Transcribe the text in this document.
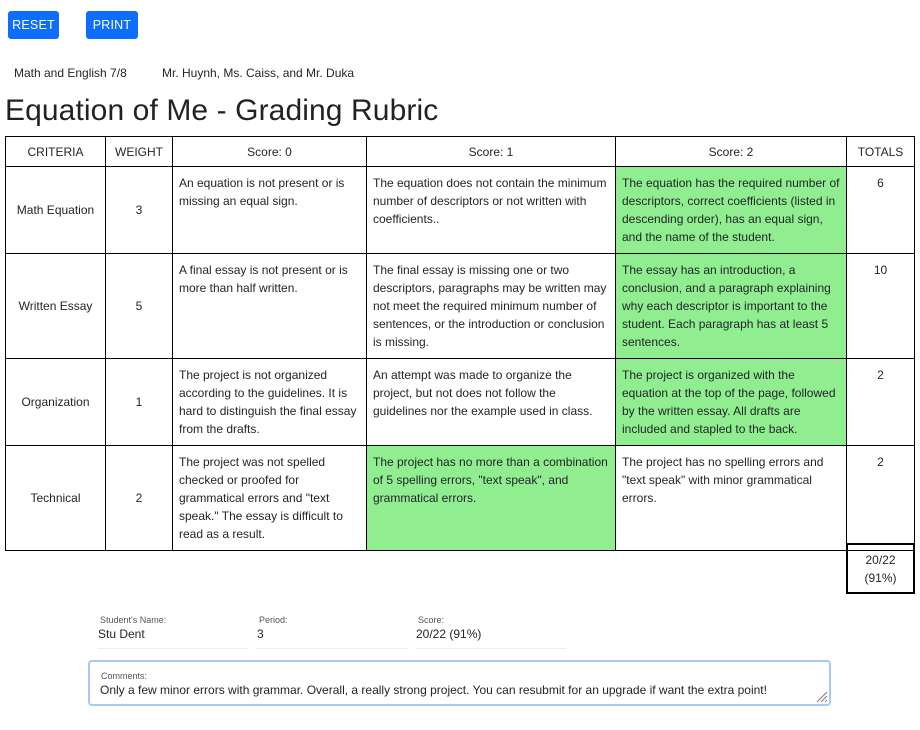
RESET	PRINT
Math and English 7/8	Mr. Huynh, Ms. Caiss, and Mr. Duka
Equation of Me - Grading Rubric
CRITERIA	WEIGHT	Score: 0	Score: 1	Score: 2	TOTALS
Math Equation	3	An equation is not present or is missing an equal sign.	The equation does not contain the minimum number of descriptors or not written with coefficients..	The equation has the required number of descriptors, correct coefficients (listed in descending order), has an equal sign, and the name of the student.	6
Written Essay	5	A final essay is not present or is more than half written.	The final essay is missing one or two descriptors, paragraphs may be written may not meet the required minimum number of sentences, or the introduction or conclusion is missing.	The essay has an introduction, a conclusion, and a paragraph explaining why each descriptor is important to the student. Each paragraph has at least 5 sentences.	10
Organization	1	The project is not organized according to the guidelines. It is hard to distinguish the final essay from the drafts.	An attempt was made to organize the project, but not does not follow the guidelines nor the example used in class.	The project is organized with the equation at the top of the page, followed by the written essay. All drafts are included and stapled to the back.	2
Technical	2	The project was not spelled checked or proofed for grammatical errors and "text speak." The essay is difficult to read as a result.	The project has no more than a combination of 5 spelling errors, "text speak", and grammatical errors.	The project has no spelling errors and "text speak" with minor grammatical errors.	2
20/22
(91%)
Student's Name:
Stu Dent
Period:
3
Score:
20/22 (91%)
Comments:
Only a few minor errors with grammar. Overall, a really strong project. You can resubmit for an upgrade if want the extra point!
